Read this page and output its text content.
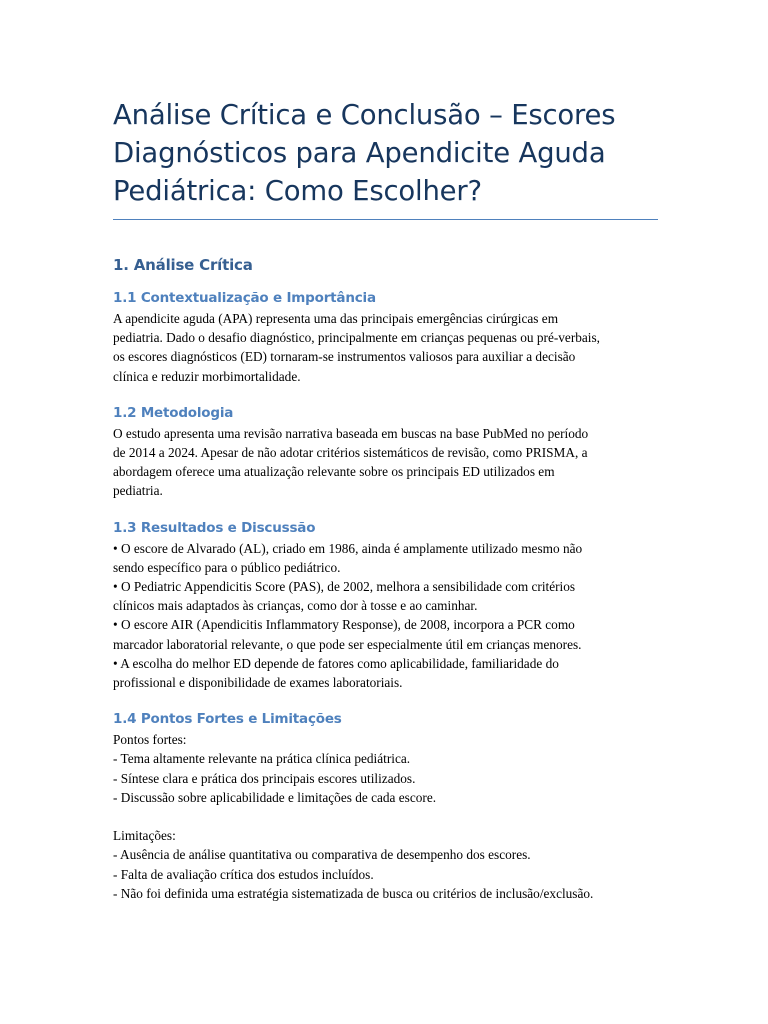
Análise Crítica e Conclusão – Escores
Diagnósticos para Apendicite Aguda
Pediátrica: Como Escolher?
1. Análise Crítica
1.1 Contextualização e Importância

A apendicite aguda (APA) representa uma das principais emergências cirúrgicas em
pediatria. Dado o desafio diagnóstico, principalmente em crianças pequenas ou pré-verbais,
os escores diagnósticos (ED) tornaram-se instrumentos valiosos para auxiliar a decisão
clínica e reduzir morbimortalidade.

1.2 Metodologia

O estudo apresenta uma revisão narrativa baseada em buscas na base PubMed no período
de 2014 a 2024. Apesar de não adotar critérios sistemáticos de revisão, como PRISMA, a
abordagem oferece uma atualização relevante sobre os principais ED utilizados em
pediatria.

1.3 Resultados e Discussão

• O escore de Alvarado (AL), criado em 1986, ainda é amplamente utilizado mesmo não
sendo específico para o público pediátrico.
• O Pediatric Appendicitis Score (PAS), de 2002, melhora a sensibilidade com critérios
clínicos mais adaptados às crianças, como dor à tosse e ao caminhar.
• O escore AIR (Apendicitis Inflammatory Response), de 2008, incorpora a PCR como
marcador laboratorial relevante, o que pode ser especialmente útil em crianças menores.
• A escolha do melhor ED depende de fatores como aplicabilidade, familiaridade do
profissional e disponibilidade de exames laboratoriais.

1.4 Pontos Fortes e Limitações

Pontos fortes:
- Tema altamente relevante na prática clínica pediátrica.
- Síntese clara e prática dos principais escores utilizados.
- Discussão sobre aplicabilidade e limitações de cada escore.

Limitações:
- Ausência de análise quantitativa ou comparativa de desempenho dos escores.
- Falta de avaliação crítica dos estudos incluídos.
- Não foi definida uma estratégia sistematizada de busca ou critérios de inclusão/exclusão.
